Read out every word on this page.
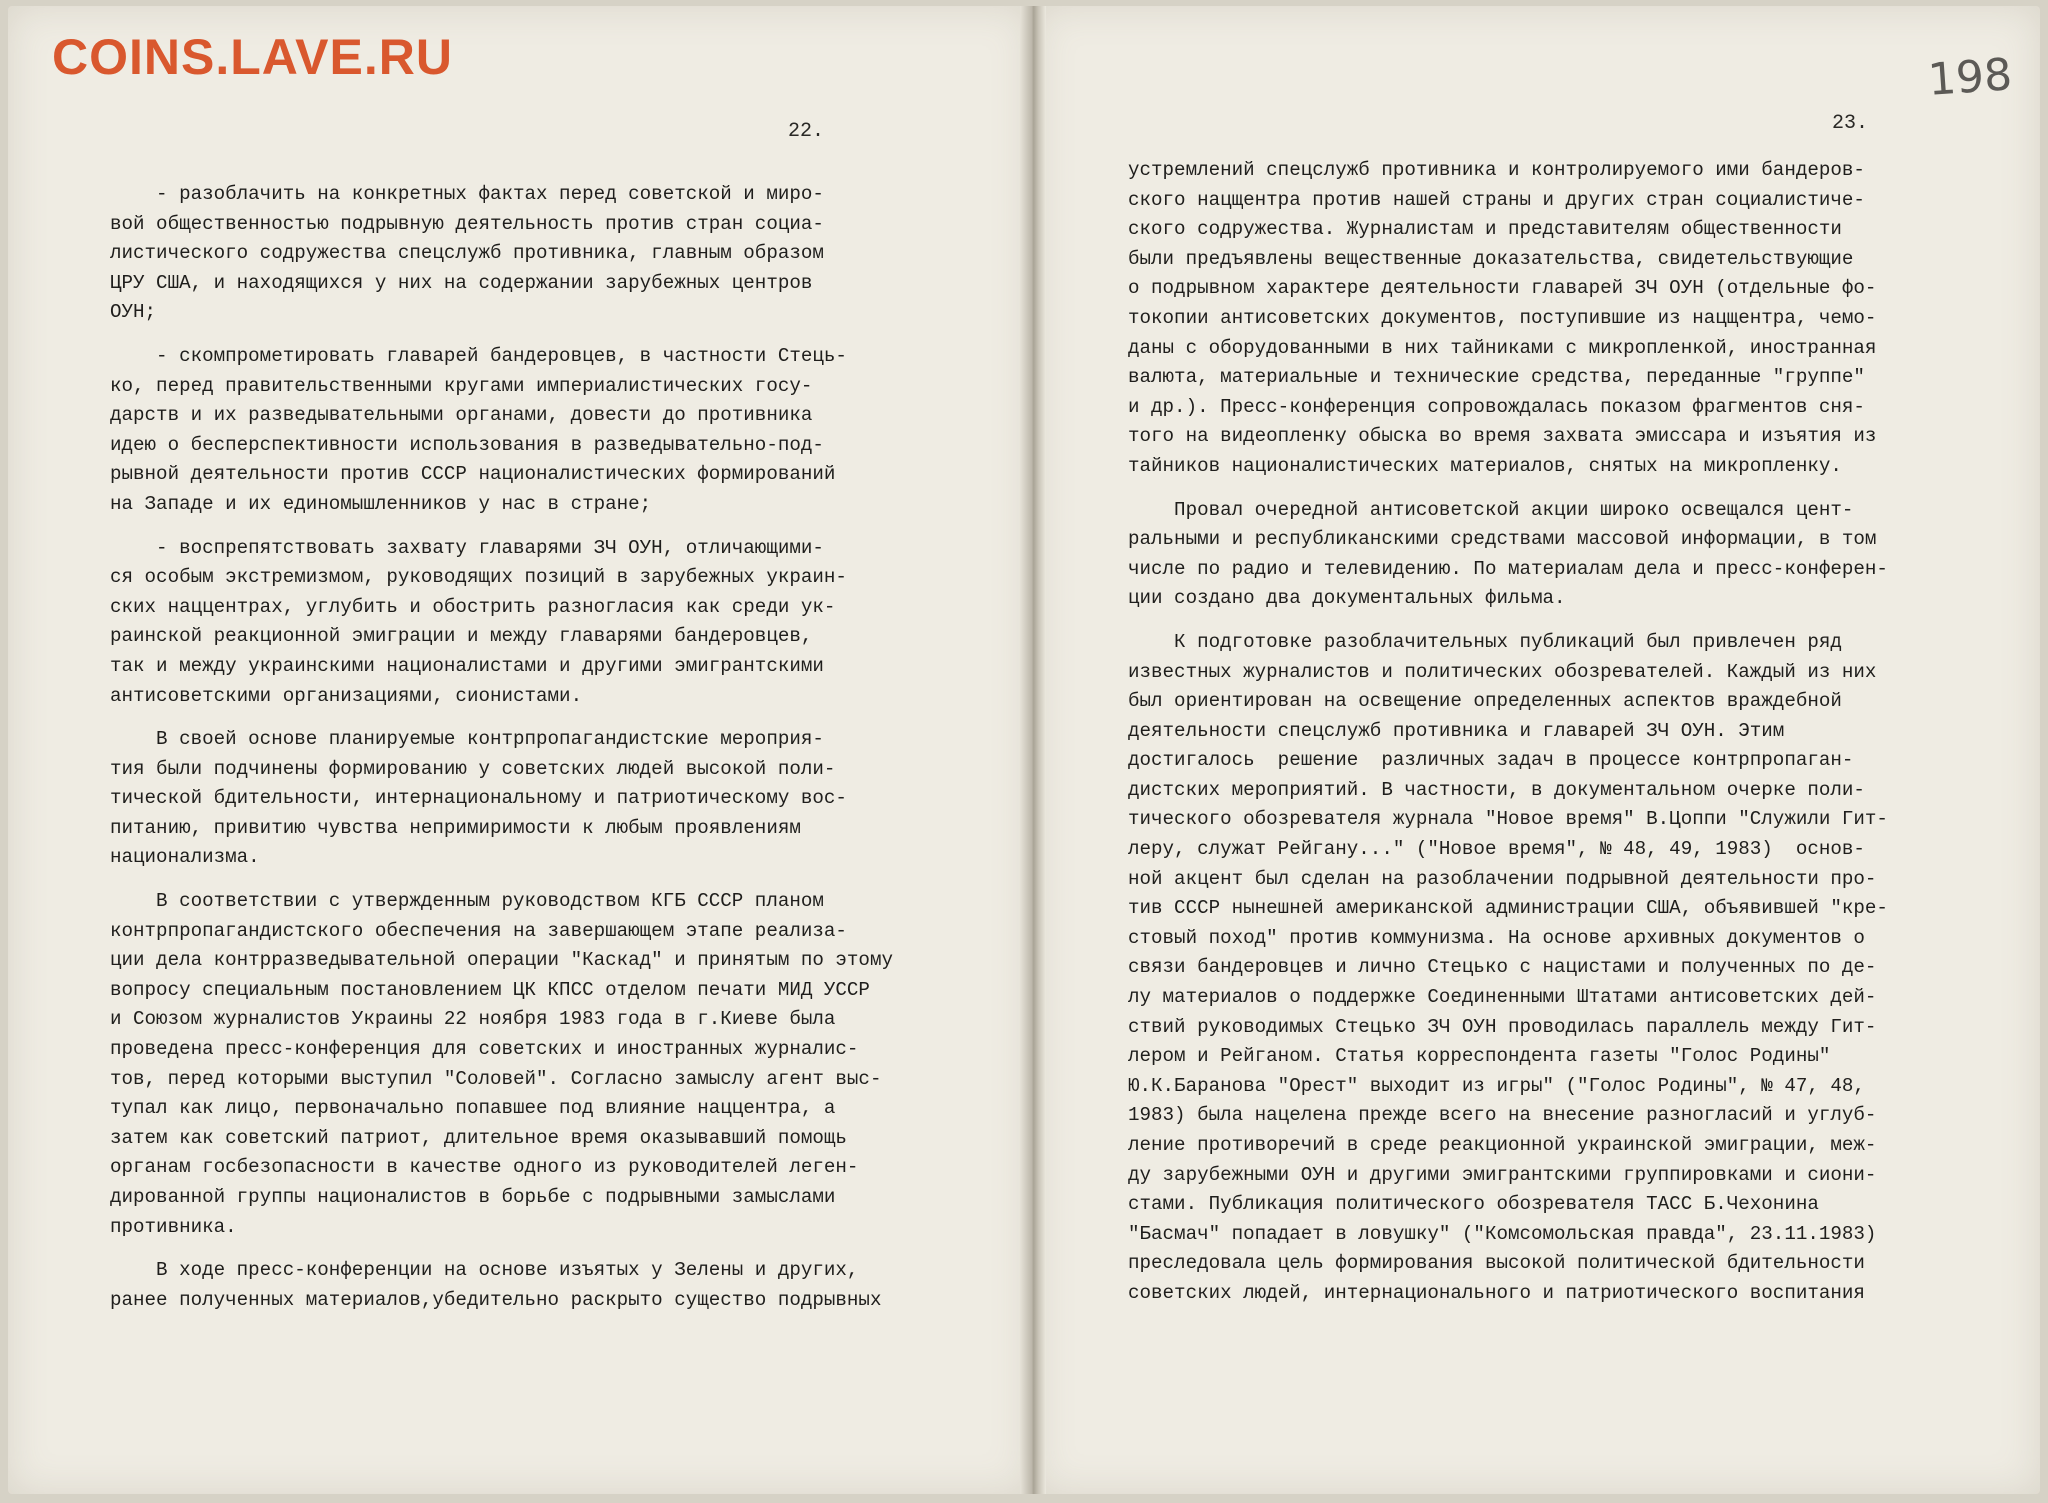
COINS.LAVE.RU	198
22.	23.
- разоблачить на конкретных фактах перед советской и миро-
вой общественностью подрывную деятельность против стран социа-
листического содружества спецслужб противника, главным образом
ЦРУ США, и находящихся у них на содержании зарубежных центров
ОУН;
- скомпрометировать главарей бандеровцев, в частности Стець-
ко, перед правительственными кругами империалистических госу-
дарств и их разведывательными органами, довести до противника
идею о бесперспективности использования в разведывательно-под-
рывной деятельности против СССР националистических формирований
на Западе и их единомышленников у нас в стране;
- воспрепятствовать захвату главарями ЗЧ ОУН, отличающими-
ся особым экстремизмом, руководящих позиций в зарубежных украин-
ских наццентрах, углубить и обострить разногласия как среди ук-
раинской реакционной эмиграции и между главарями бандеровцев,
так и между украинскими националистами и другими эмигрантскими
антисоветскими организациями, сионистами.
В своей основе планируемые контрпропагандистские мероприя-
тия были подчинены формированию у советских людей высокой поли-
тической бдительности, интернациональному и патриотическому вос-
питанию, привитию чувства непримиримости к любым проявлениям
национализма.
В соответствии с утвержденным руководством КГБ СССР планом
контрпропагандистского обеспечения на завершающем этапе реализа-
ции дела контрразведывательной операции "Каскад" и принятым по этому
вопросу специальным постановлением ЦК КПСС отделом печати МИД УССР
и Союзом журналистов Украины 22 ноября 1983 года в г.Киеве была
проведена пресс-конференция для советских и иностранных журналис-
тов, перед которыми выступил "Соловей". Согласно замыслу агент выс-
тупал как лицо, первоначально попавшее под влияние наццентра, а
затем как советский патриот, длительное время оказывавший помощь
органам госбезопасности в качестве одного из руководителей леген-
дированной группы националистов в борьбе с подрывными замыслами
противника.
В ходе пресс-конференции на основе изъятых у Зелены и других,
ранее полученных материалов,убедительно раскрыто существо подрывных
устремлений спецслужб противника и контролируемого ими бандеров-
ского нацщентра против нашей страны и других стран социалистиче-
ского содружества. Журналистам и представителям общественности
были предъявлены вещественные доказательства, свидетельствующие
о подрывном характере деятельности главарей ЗЧ ОУН (отдельные фо-
токопии антисоветских документов, поступившие из нацщентра, чемо-
даны с оборудованными в них тайниками с микропленкой, иностранная
валюта, материальные и технические средства, переданные "группе"
и др.). Пресс-конференция сопровождалась показом фрагментов сня-
того на видеопленку обыска во время захвата эмиссара и изъятия из
тайников националистических материалов, снятых на микропленку.
Провал очередной антисоветской акции широко освещался цент-
ральными и республиканскими средствами массовой информации, в том
числе по радио и телевидению. По материалам дела и пресс-конферен-
ции создано два документальных фильма.
К подготовке разоблачительных публикаций был привлечен ряд
известных журналистов и политических обозревателей. Каждый из них
был ориентирован на освещение определенных аспектов враждебной
деятельности спецслужб противника и главарей ЗЧ ОУН. Этим
достигалось  решение  различных задач в процессе контрпропаган-
дистских мероприятий. В частности, в документальном очерке поли-
тического обозревателя журнала "Новое время" В.Цоппи "Служили Гит-
леру, служат Рейгану..." ("Новое время", № 48, 49, 1983)  основ-
ной акцент был сделан на разоблачении подрывной деятельности про-
тив СССР нынешней американской администрации США, объявившей "кре-
стовый поход" против коммунизма. На основе архивных документов о
связи бандеровцев и лично Стецько с нацистами и полученных по де-
лу материалов о поддержке Соединенными Штатами антисоветских дей-
ствий руководимых Стецько ЗЧ ОУН проводилась параллель между Гит-
лером и Рейганом. Статья корреспондента газеты "Голос Родины"
Ю.К.Баранова "Орест" выходит из игры" ("Голос Родины", № 47, 48,
1983) была нацелена прежде всего на внесение разногласий и углуб-
ление противоречий в среде реакционной украинской эмиграции, меж-
ду зарубежными ОУН и другими эмигрантскими группировками и сиони-
стами. Публикация политического обозревателя ТАСС Б.Чехонина
"Басмач" попадает в ловушку" ("Комсомольская правда", 23.11.1983)
преследовала цель формирования высокой политической бдительности
советских людей, интернационального и патриотического воспитания
